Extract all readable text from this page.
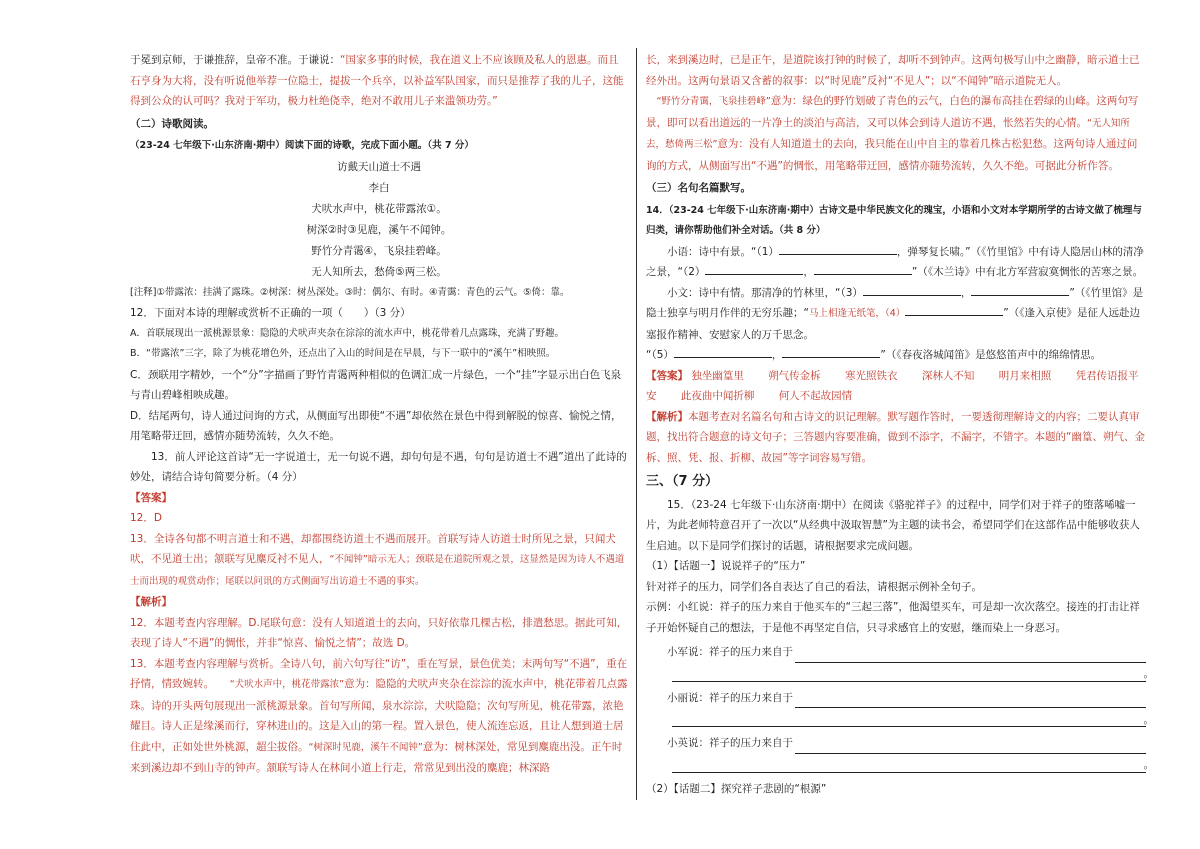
于冕到京师，于谦推辞，皇帝不准。于谦说：“国家多事的时候，我在道义上不应该顾及私人的恩惠。而且石亨身为大将，没有听说他举荐一位隐士，提拔一个兵卒，以补益军队国家，而只是推荐了我的儿子，这能得到公众的认可吗？我对于军功，极力杜绝侥幸，绝对不敢用儿子来滥领功劳。”

（二）诗歌阅读。

（23-24 七年级下·山东济南·期中）阅读下面的诗歌，完成下面小题。（共 7 分）

访戴天山道士不遇

李白

犬吠水声中，桃花带露浓①。

树深②时③见鹿，溪午不闻钟。

野竹分青霭④，飞泉挂碧峰。

无人知所去，愁倚⑤两三松。

[注释]①带露浓：挂满了露珠。②树深：树丛深处。③时：偶尔、有时。④青霭：青色的云气。⑤倚：靠。

12．下面对本诗的理解或赏析不正确的一项（　　）（3 分）

A．首联展现出一派桃源景象：隐隐的犬吠声夹杂在淙淙的流水声中，桃花带着几点露珠，充满了野趣。

B．“带露浓”三字，除了为桃花增色外，还点出了入山的时间是在早晨，与下一联中的“溪午”相映照。

C．颈联用字精妙，一个“分”字描画了野竹青霭两种相似的色调汇成一片绿色，一个“挂”字显示出白色飞泉与青山碧峰相映成趣。

D．结尾两句，诗人通过问询的方式，从侧面写出即使“不遇”却依然在景色中得到解脱的惊喜、愉悦之情，用笔略带迂回，感情亦随势流转，久久不绝。

13．前人评论这首诗“无一字说道士，无一句说不遇，却句句是不遇，句句是访道士不遇”道出了此诗的妙处，请结合诗句简要分析。（4 分）

【答案】

12．D

13．全诗各句都不明言道士和不遇，却都围绕访道士不遇而展开。首联写诗人访道士时所见之景，只闻犬吠，不见道士出；颔联写见麋反衬不见人，“不闻钟”暗示无人；颈联是在道院所观之景，这显然是因为诗人不遇道士而出现的观赏动作；尾联以问讯的方式侧面写出访道士不遇的事实。

【解析】

12．本题考查内容理解。D.尾联句意：没有人知道道士的去向，只好依靠几棵古松，排遣愁思。据此可知，表现了诗人“不遇”的惆怅，并非“惊喜、愉悦之情”；故选 D。

13．本题考查内容理解与赏析。全诗八句，前六句写往“访”，重在写景，景色优美；末两句写“不遇”，重在抒情，情致婉转。　　 “犬吠水声中，桃花带露浓”意为：隐隐的犬吠声夹杂在淙淙的流水声中，桃花带着几点露珠。诗的开头两句展现出一派桃源景象。首句写所闻，泉水淙淙，犬吠隐隐；次句写所见，桃花带露，浓艳耀目。诗人正是缘溪而行，穿林进山的。这是入山的第一程。置入景色，使人流连忘返，且让人想到道士居住此中，正如处世外桃源，超尘拔俗。“树深时见鹿，溪午不闻钟”意为：树林深处，常见到麋鹿出没。正午时来到溪边却不到山寺的钟声。颔联写诗人在林间小道上行走，常常见到出没的麋鹿；林深路

长，来到溪边时，已是正午，是道院该打钟的时候了，却听不到钟声。这两句极写山中之幽静，暗示道士已经外出。这两句景语又含蓄的叙事：以“时见鹿”反衬“不见人”；以“不闻钟”暗示道院无人。

　“野竹分青霭，飞泉挂碧峰”意为：绿色的野竹划破了青色的云气，白色的瀑布高挂在碧绿的山峰。这两句写景，即可以看出道远的一片净土的淡泊与高洁，又可以体会到诗人道访不遇，怅然若失的心情。“无人知所去，愁倚两三松”意为：没有人知道道士的去向，我只能在山中自主的靠着几株古松犯愁。这两句诗人通过问询的方式，从侧面写出“不遇”的惆怅，用笔略带迂回，感情亦随势流转，久久不绝。可据此分析作答。

（三）名句名篇默写。

14．（23-24 七年级下·山东济南·期中）古诗文是中华民族文化的瑰宝，小语和小文对本学期所学的古诗文做了梳理与归类，请你帮助他们补全对话。（共 8 分）

小语：诗中有景。“（1）	，弹琴复长啸。”（《竹里馆》中有诗人隐居山林的清净之景，“（2）	，	”（《木兰诗》中有北方军营寂寞惆怅的苦寒之景。

小文：诗中有情。那清净的竹林里，“（3）	，	”（《竹里馆》是隐士独享与明月作伴的无穷乐趣；“马上相逢无纸笔，（4）	”（《逢入京使》是征人远赴边塞报作精神、安慰家人的万千思念。

“（5）	，	”（《春夜洛城闻笛》是悠悠笛声中的绵绵情思。

【答案】 独坐幽篁里　　 朔气传金柝　　 寒光照铁衣　　 深林人不知　　 明月来相照　　 凭君传语报平安　　 此夜曲中闻折柳　　 何人不起故园情

【解析】本题考查对名篇名句和古诗文的识记理解。默写题作答时，一要透彻理解诗文的内容；二要认真审题，找出符合题意的诗文句子；三答题内容要准确，做到不添字，不漏字，不错字。本题的“幽篁、朔气、金柝、照、凭、报、折柳、故园”等字词容易写错。

三、（7 分）

15．（23-24 七年级下·山东济南·期中）在阅读《骆驼祥子》的过程中，同学们对于祥子的堕落唏嘘一片，为此老师特意召开了一次以“从经典中汲取智慧”为主题的读书会，希望同学们在这部作品中能够收获人生启迪。以下是同学们探讨的话题，请根据要求完成问题。

（1）【话题一】说说祥子的“压力”

针对祥子的压力，同学们各自表达了自己的看法，请根据示例补全句子。

示例：小红说：祥子的压力来自于他买车的“三起三落”，他渴望买车，可是却一次次落空。接连的打击让祥子开始怀疑自己的想法，于是他不再坚定自信，只寻求感官上的安慰，继而染上一身恶习。

小军说：祥子的压力来自于
。
小丽说：祥子的压力来自于
。
小英说：祥子的压力来自于
。

（2）【话题二】探究祥子悲剧的“根源”
